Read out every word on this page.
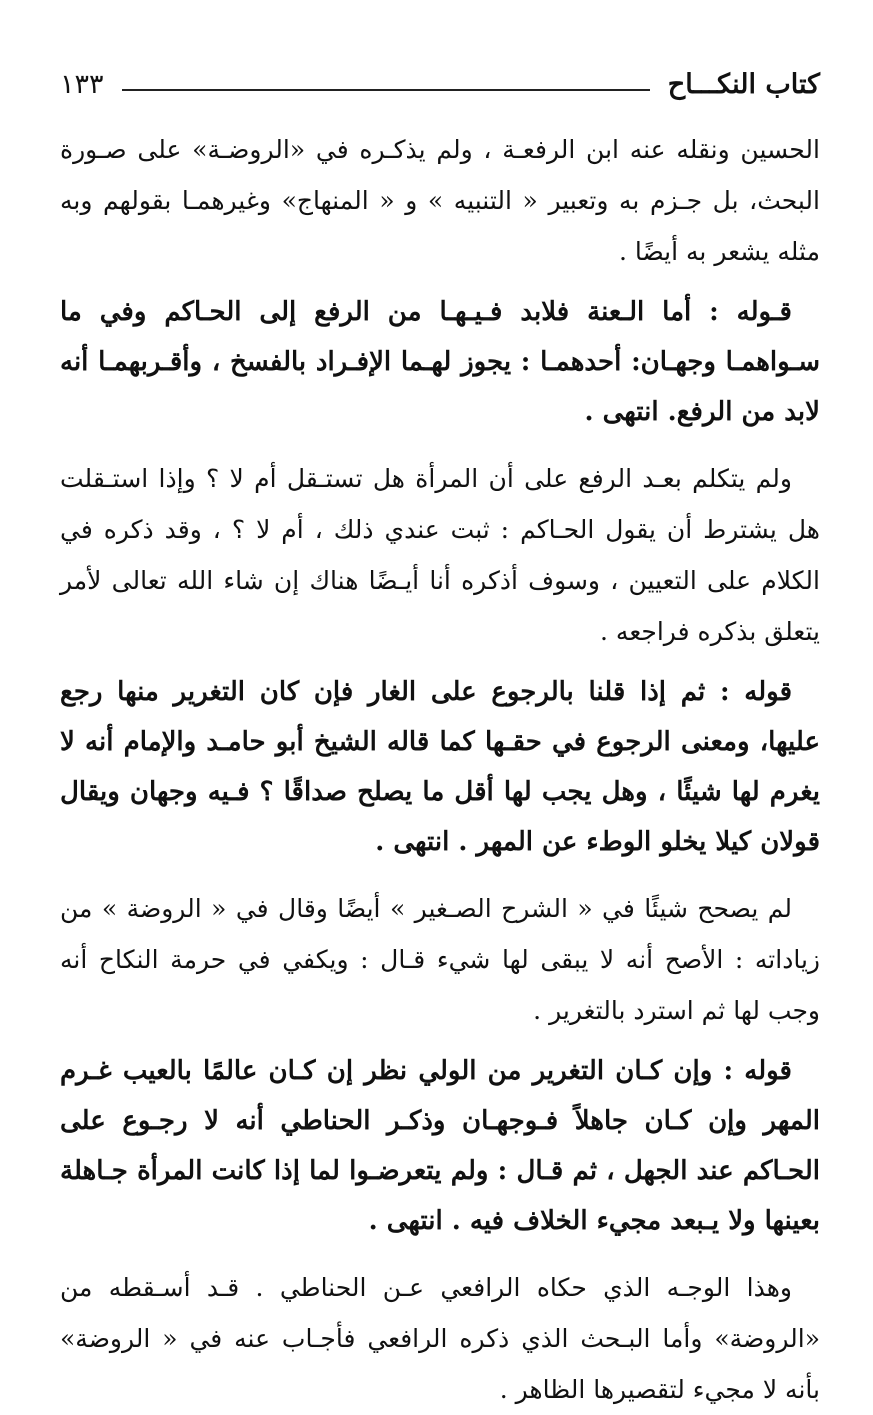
كتاب النكـــاح
١٣٣

الحسين ونقله عنه ابن الرفعـة ، ولم يذكـره في «الروضـة» على صـورة البحث، بل جـزم به وتعبير « التنبيه » و « المنهاج» وغيرهمـا بقولهم وبه مثله يشعر به أيضًا .

قـوله : أما الـعنة فلابد فـيـهـا من الرفع إلى الحـاكم وفي ما سـواهمـا وجهـان: أحدهمـا : يجوز لهـما الإفـراد بالفسخ ، وأقـربهمـا أنه لابد من الرفع. انتهى .

ولم يتكلم بعـد الرفع على أن المرأة هل تستـقل أم لا ؟ وإذا استـقلت هل يشترط أن يقول الحـاكم : ثبت عندي ذلك ، أم لا ؟ ، وقد ذكره في الكلام على التعيين ، وسوف أذكره أنا أيـضًا هناك إن شاء الله تعالى لأمر يتعلق بذكره فراجعه .

قوله : ثم إذا قلنا بالرجوع على الغار فإن كان التغرير منها رجع عليها، ومعنى الرجوع في حقـها كما قاله الشيخ أبو حامـد والإمام أنه لا يغرم لها شيئًا ، وهل يجب لها أقل ما يصلح صداقًا ؟ فـيه وجهان ويقال قولان كيلا يخلو الوطء عن المهر . انتهى .

لم يصحح شيئًا في « الشرح الصـغير » أيضًا وقال في « الروضة » من زياداته : الأصح أنه لا يبقى لها شيء قـال : ويكفي في حرمة النكاح أنه وجب لها ثم استرد بالتغرير .

قوله : وإن كـان التغرير من الولي نظر إن كـان عالمًا بالعيب غـرم المهر وإن كـان جاهلاً فـوجهـان وذكـر الحناطي أنه لا رجـوع على الحـاكم عند الجهل ، ثم قـال : ولم يتعرضـوا لما إذا كانت المرأة جـاهلة بعينها ولا يـبعد مجيء الخلاف فيه . انتهى .

وهذا الوجـه الذي حكاه الرافعي عـن الحناطي . قـد أسـقطه من «الروضة» وأما البـحث الذي ذكره الرافعي فأجـاب عنه في « الروضة» بأنه لا مجيء لتقصيرها الظاهر .
